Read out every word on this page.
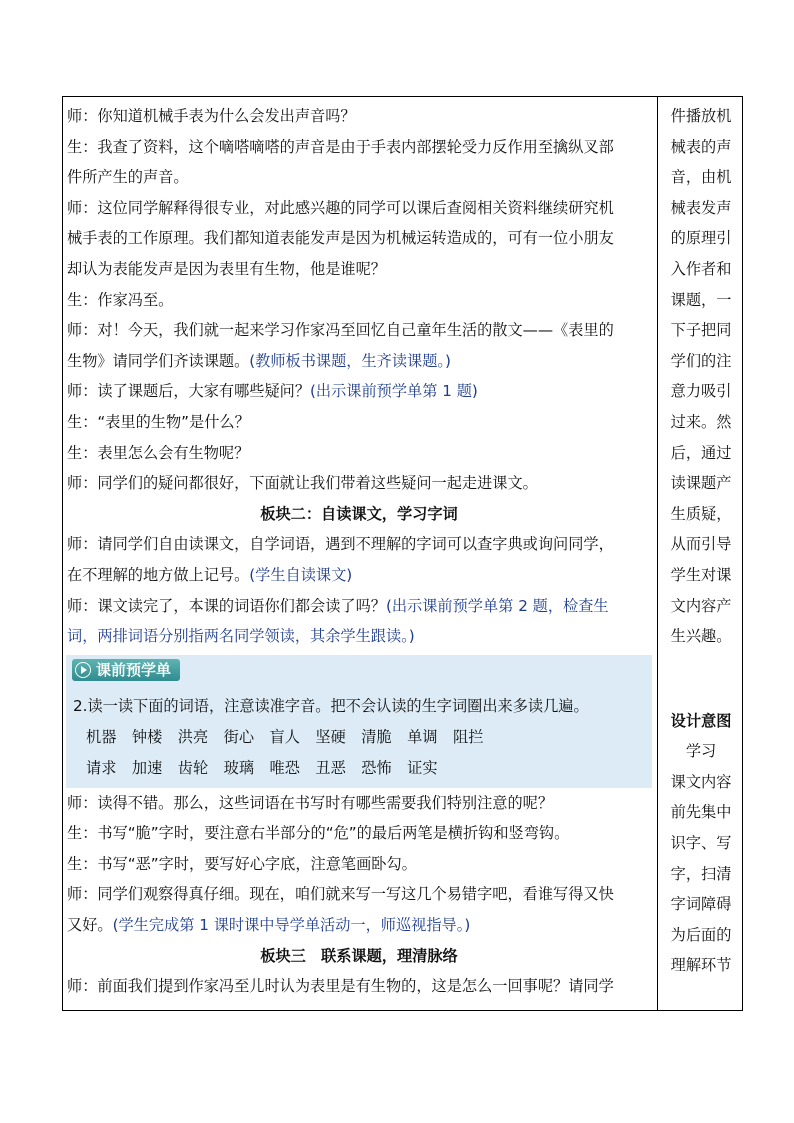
师：你知道机械手表为什么会发出声音吗？
生：我查了资料，这个嘀嗒嘀嗒的声音是由于手表内部摆轮受力反作用至擒纵叉部
件所产生的声音。
师：这位同学解释得很专业，对此感兴趣的同学可以课后查阅相关资料继续研究机
械手表的工作原理。我们都知道表能发声是因为机械运转造成的，可有一位小朋友
却认为表能发声是因为表里有生物，他是谁呢？
生：作家冯至。
师：对！今天，我们就一起来学习作家冯至回忆自己童年生活的散文——《表里的
生物》请同学们齐读课题。(教师板书课题，生齐读课题。)
师：读了课题后，大家有哪些疑问？(出示课前预学单第 1 题)
生：“表里的生物”是什么？
生：表里怎么会有生物呢？
师：同学们的疑问都很好，下面就让我们带着这些疑问一起走进课文。
板块二：自读课文，学习字词
师：请同学们自由读课文，自学词语，遇到不理解的字词可以查字典或询问同学，
在不理解的地方做上记号。(学生自读课文)
师：课文读完了，本课的词语你们都会读了吗？(出示课前预学单第 2 题，检查生
词，两排词语分别指两名同学领读，其余学生跟读。)
课前预学单
2.读一读下面的词语，注意读准字音。把不会认读的生字词圈出来多读几遍。
机器 钟楼 洪亮 街心 盲人 坚硬 清脆 单调 阻拦
请求 加速 齿轮 玻璃 唯恐 丑恶 恐怖 证实
师：读得不错。那么，这些词语在书写时有哪些需要我们特别注意的呢？
生：书写“脆”字时，要注意右半部分的“危”的最后两笔是横折钩和竖弯钩。
生：书写“恶”字时，要写好心字底，注意笔画卧勾。
师：同学们观察得真仔细。现在，咱们就来写一写这几个易错字吧，看谁写得又快
又好。(学生完成第 1 课时课中导学单活动一，师巡视指导。)
板块三　联系课题，理清脉络
师：前面我们提到作家冯至儿时认为表里是有生物的，这是怎么一回事呢？请同学
件播放机
械表的声
音，由机
械表发声
的原理引
入作者和
课题，一
下子把同
学们的注
意力吸引
过来。然
后，通过
读课题产
生质疑，
从而引导
学生对课
文内容产
生兴趣。
设计意图
学习
课文内容
前先集中
识字、写
字，扫清
字词障碍
为后面的
理解环节
